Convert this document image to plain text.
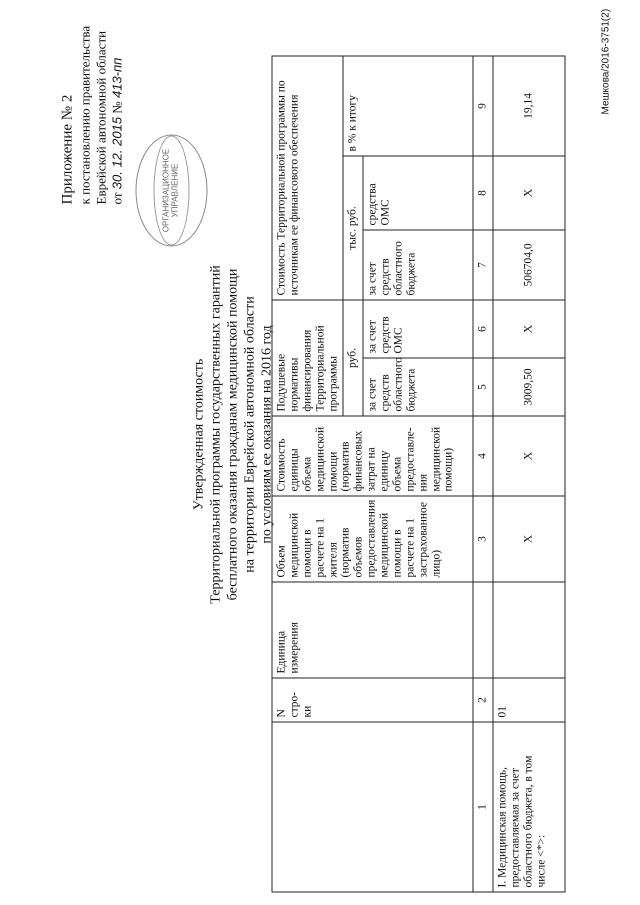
Приложение № 2 к постановлению правительства Еврейской автономной области от 30. 12. 2015 № 413-пп
ОРГАНИЗАЦИОННОЕ УПРАВЛЕНИЕ
Утвержденная стоимость Территориальной программы государственных гарантий бесплатного оказания гражданам медицинской помощи на территории Еврейской автономной области по условиям ее оказания на 2016 год
	N стро-ки	Единица измерения	Объем медицинской помощи в расчете на 1 жителя (норматив объемов предоставления медицинской помощи в расчете на 1 застрахованное лицо)	Стоимость единицы объема медицинской помощи (норматив финансовых затрат на единицу объема предоставле-ния медицинской помощи)	Подушевые нормативы финансирования Территориальной программы		Стоимость Территориальной программы по источникам ее финансового обеспечения		
					руб.		тыс. руб.		в % к итогу
					за счет средств областного бюджета	за счет средств ОМС	за счет средств областного бюджета	средства ОМС	
1	2		3	4	5	6	7	8	9
I. Медицинская помощь, предоставляемая за счет областного бюджета, в том числе <*>:	01		Х	Х	3009,50	Х	506704,0	Х	19,14	Мешкова/2016-3751(2)
